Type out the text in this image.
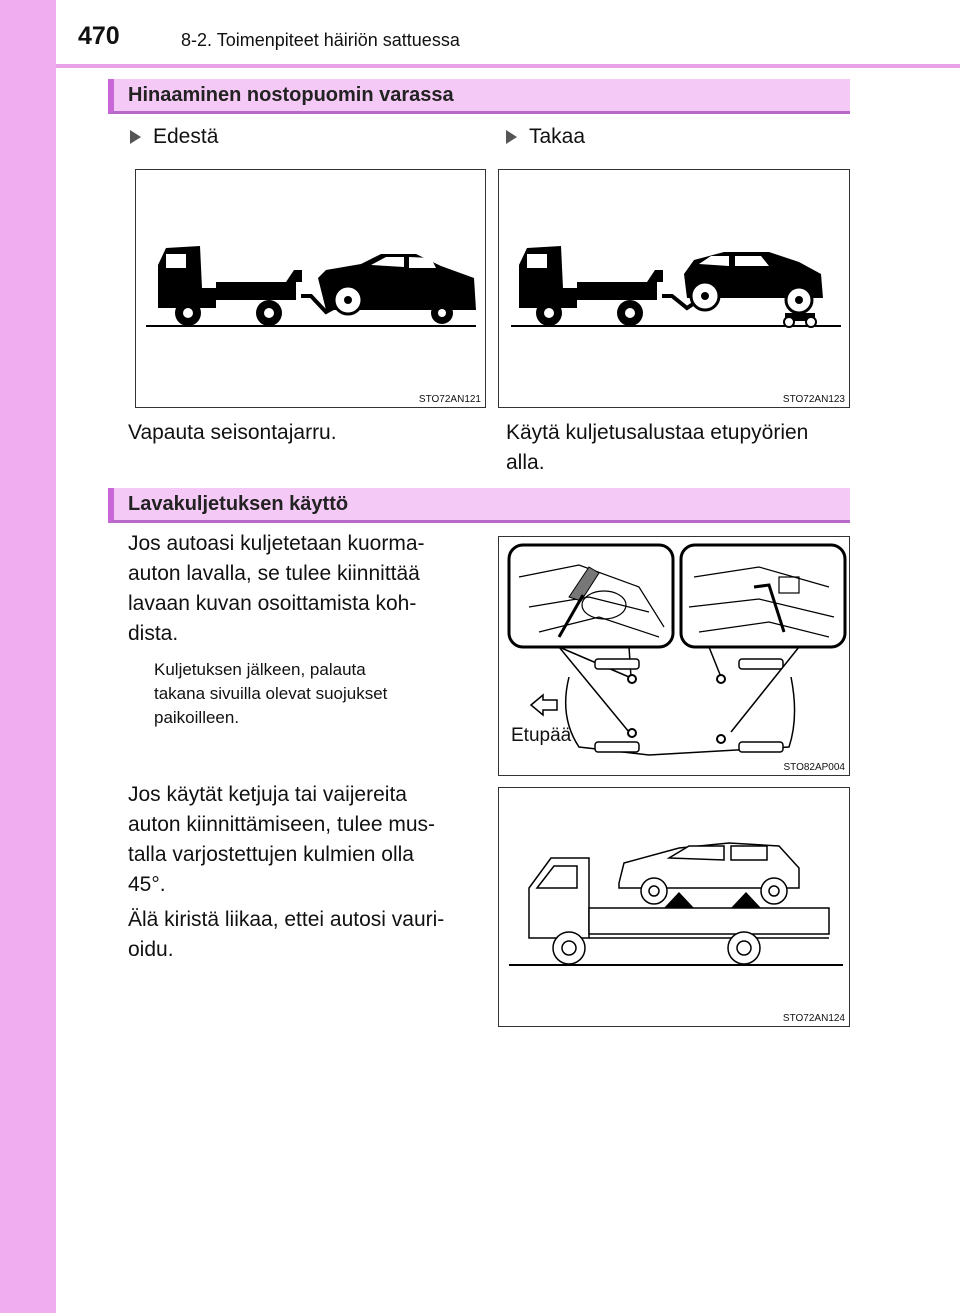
470	8-2. Toimenpiteet häiriön sattuessa
Hinaaminen nostopuomin varassa
Edestä	Takaa
STO72AN121	STO72AN123
Vapauta seisontajarru.	Käytä kuljetusalustaa etupyörien
alla.
Lavakuljetuksen käyttö
Jos autoasi kuljetetaan kuorma-
auton lavalla, se tulee kiinnittää
lavaan kuvan osoittamista koh-
dista.
Kuljetuksen jälkeen, palauta
takana sivuilla olevat suojukset
paikoilleen.
Jos käytät ketjuja tai vaijereita
auton kiinnittämiseen, tulee mus-
talla varjostettujen kulmien olla
45°.
Älä kiristä liikaa, ettei autosi vauri-
oidu.
Etupää
STO82AP004
STO72AN124
